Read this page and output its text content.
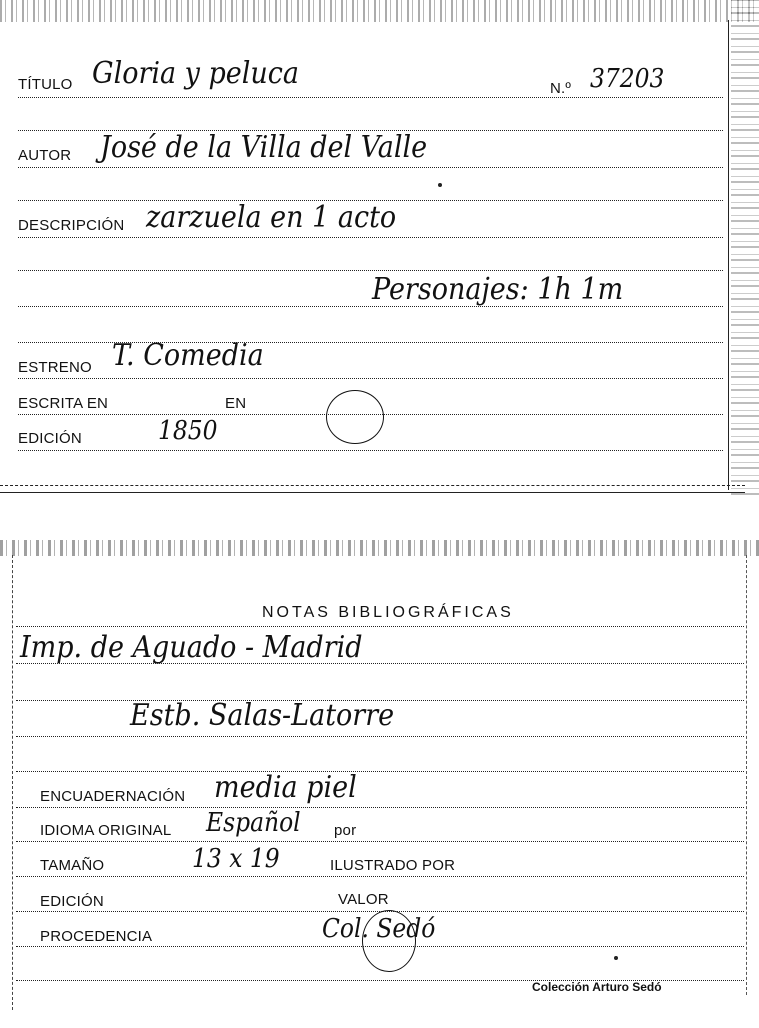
TÍTULO Gloria y peluca	N.º 37203
AUTOR José de la Villa del Valle
DESCRIPCIÓN zarzuela en 1 acto
Personajes: 1h 1m
ESTRENO T. Comedia
ESCRITA EN	EN
EDICIÓN	1850
NOTAS BIBLIOGRÁFICAS
Imp. de Aguado - Madrid
Estb. Salas-Latorre
ENCUADERNACIÓN media piel
IDIOMA ORIGINAL Español por
TAMAÑO	13 x 19	ILUSTRADO POR
EDICIÓN	VALOR
PROCEDENCIA	Col. Sedó
Colección Arturo Sedó
